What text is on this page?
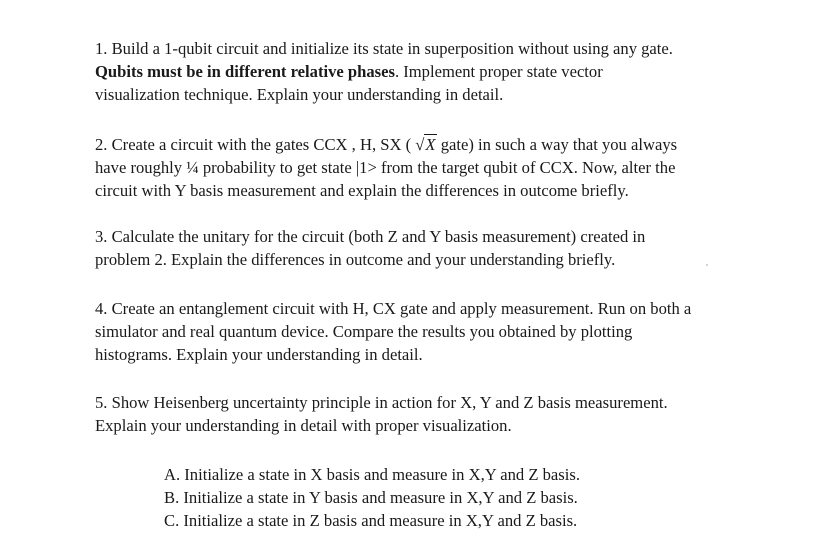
1. Build a 1-qubit circuit and initialize its state in superposition without using any gate.
Qubits must be in different relative phases. Implement proper state vector
visualization technique. Explain your understanding in detail.
2. Create a circuit with the gates CCX , H, SX ( √X gate) in such a way that you always
have roughly ¼ probability to get state |1> from the target qubit of CCX. Now, alter the
circuit with Y basis measurement and explain the differences in outcome briefly.
3. Calculate the unitary for the circuit (both Z and Y basis measurement) created in
problem 2. Explain the differences in outcome and your understanding briefly.
4. Create an entanglement circuit with H, CX gate and apply measurement. Run on both a
simulator and real quantum device. Compare the results you obtained by plotting
histograms. Explain your understanding in detail.
5. Show Heisenberg uncertainty principle in action for X, Y and Z basis measurement.
Explain your understanding in detail with proper visualization.
A. Initialize a state in X basis and measure in X,Y and Z basis.
B. Initialize a state in Y basis and measure in X,Y and Z basis.
C. Initialize a state in Z basis and measure in X,Y and Z basis.
